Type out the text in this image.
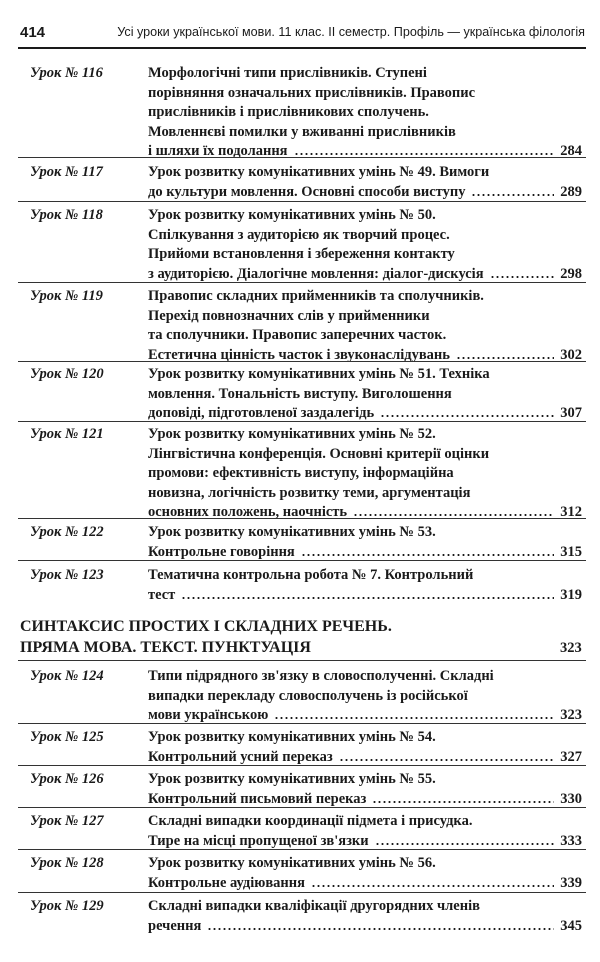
414	Усі уроки української мови. 11 клас. II семестр. Профіль — українська філологія
Урок № 116	Морфологічні типи прислівників. Ступені
порівняння означальних прислівників. Правопис
прислівників і прислівникових сполучень.
Мовленнєві помилки у вживанні прислівників
і шляхи їх подолання	284
Урок № 117	Урок розвитку комунікативних умінь № 49. Вимоги
до культури мовлення. Основні способи виступу	289
Урок № 118	Урок розвитку комунікативних умінь № 50.
Спілкування з аудиторією як творчий процес.
Прийоми встановлення і збереження контакту
з аудиторією. Діалогічне мовлення: діалог-дискусія	298
Урок № 119	Правопис складних прийменників та сполучників.
Перехід повнозначних слів у прийменники
та сполучники. Правопис заперечних часток.
Естетична цінність часток і звуконаслідувань	302
Урок № 120	Урок розвитку комунікативних умінь № 51. Техніка
мовлення. Тональність виступу. Виголошення
доповіді, підготовленої заздалегідь	307
Урок № 121	Урок розвитку комунікативних умінь № 52.
Лінгвістична конференція. Основні критерії оцінки
промови: ефективність виступу, інформаційна
новизна, логічність розвитку теми, аргументація
основних положень, наочність	312
Урок № 122	Урок розвитку комунікативних умінь № 53.
Контрольне говоріння	315
Урок № 123	Тематична контрольна робота № 7. Контрольний
тест	319
СИНТАКСИС ПРОСТИХ І СКЛАДНИХ РЕЧЕНЬ.
ПРЯМА МОВА. ТЕКСТ. ПУНКТУАЦІЯ	323
Урок № 124	Типи підрядного зв'язку в словосполученні. Складні
випадки перекладу словосполучень із російської
мови українською	323
Урок № 125	Урок розвитку комунікативних умінь № 54.
Контрольний усний переказ	327
Урок № 126	Урок розвитку комунікативних умінь № 55.
Контрольний письмовий переказ	330
Урок № 127	Складні випадки координації підмета і присудка.
Тире на місці пропущеної зв'язки	333
Урок № 128	Урок розвитку комунікативних умінь № 56.
Контрольне аудіювання	339
Урок № 129	Складні випадки кваліфікації другорядних членів
речення	345
